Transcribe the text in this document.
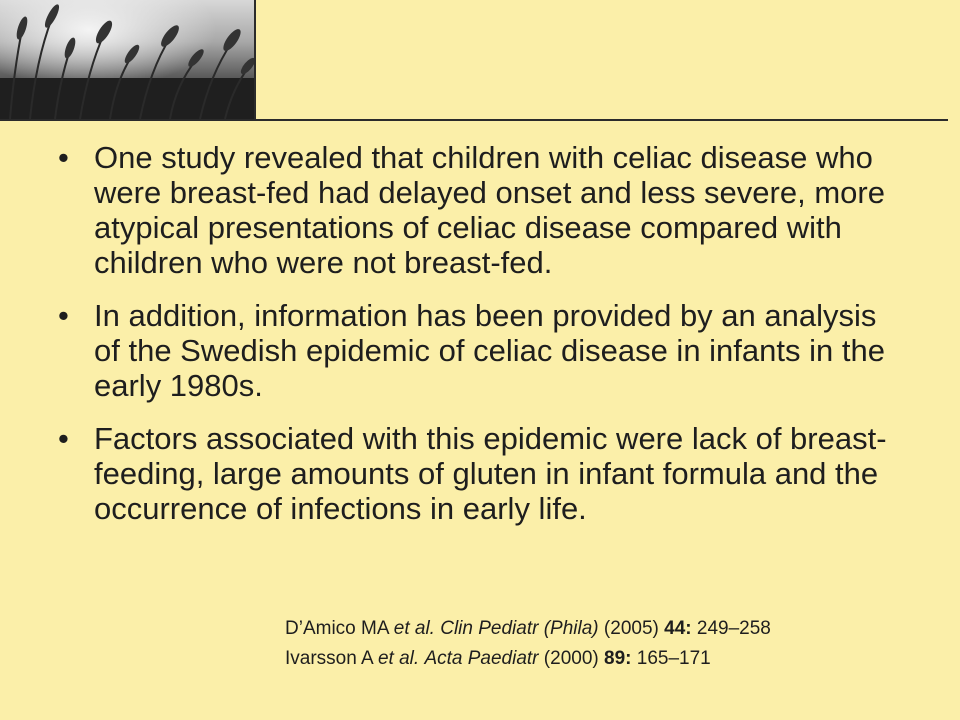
• One study revealed that children with celiac disease who were breast-fed had delayed onset and less severe, more atypical presentations of celiac disease compared with children who were not breast-fed.
• In addition, information has been provided by an analysis of the Swedish epidemic of celiac disease in infants in the early 1980s.
• Factors associated with this epidemic were lack of breast-feeding, large amounts of gluten in infant formula and the occurrence of infections in early life.
D’Amico MA et al. Clin Pediatr (Phila) (2005) 44: 249–258
Ivarsson A et al. Acta Paediatr (2000) 89: 165–171
